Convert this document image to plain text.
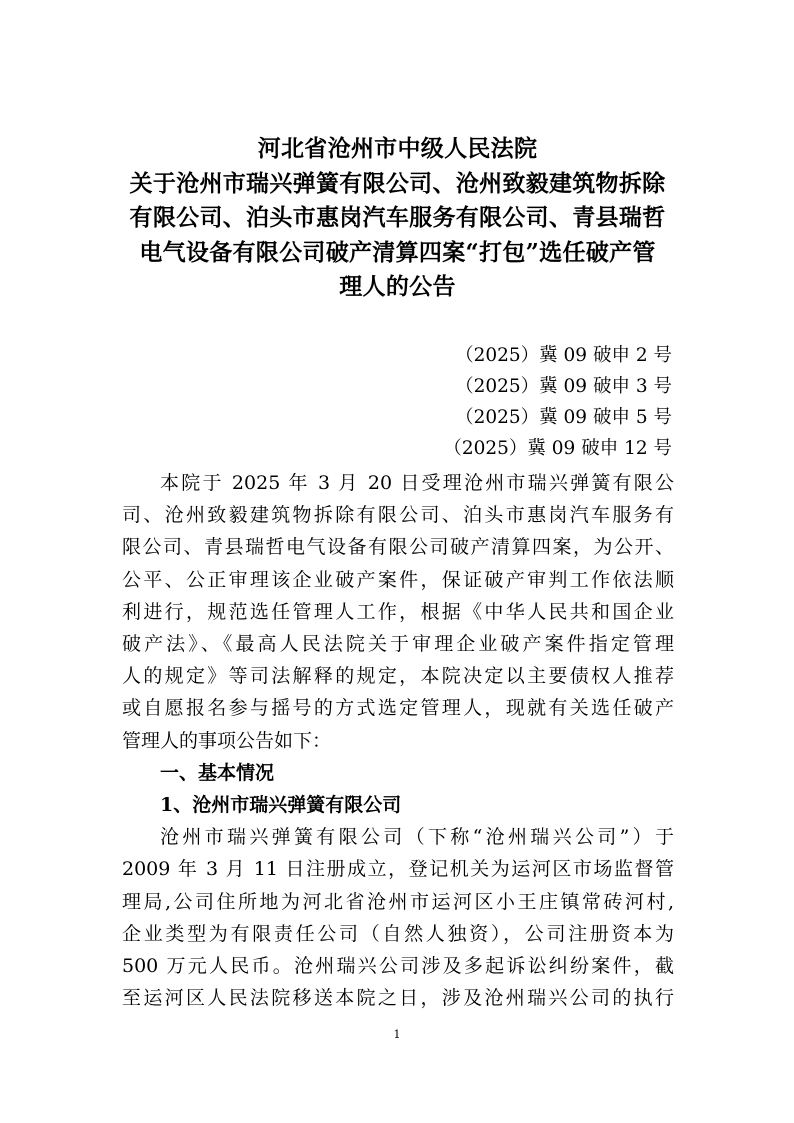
河北省沧州市中级人民法院
关于沧州市瑞兴弹簧有限公司、沧州致毅建筑物拆除
有限公司、泊头市惠岗汽车服务有限公司、青县瑞哲
电气设备有限公司破产清算四案“打包”选任破产管
理人的公告
（2025）冀 09 破申 2 号
（2025）冀 09 破申 3 号
（2025）冀 09 破申 5 号
（2025）冀 09 破申 12 号
本院于 2025 年 3 月 20 日受理沧州市瑞兴弹簧有限公
司、沧州致毅建筑物拆除有限公司、泊头市惠岗汽车服务有
限公司、青县瑞哲电气设备有限公司破产清算四案，为公开、
公平、公正审理该企业破产案件，保证破产审判工作依法顺
利进行，规范选任管理人工作，根据《中华人民共和国企业
破产法》、《最高人民法院关于审理企业破产案件指定管理
人的规定》等司法解释的规定，本院决定以主要债权人推荐
或自愿报名参与摇号的方式选定管理人，现就有关选任破产
管理人的事项公告如下：
一、基本情况
1、沧州市瑞兴弹簧有限公司
沧州市瑞兴弹簧有限公司（下称“沧州瑞兴公司”）于
2009 年 3 月 11 日注册成立，登记机关为运河区市场监督管
理局,公司住所地为河北省沧州市运河区小王庄镇常砖河村,
企业类型为有限责任公司（自然人独资），公司注册资本为
500 万元人民币。沧州瑞兴公司涉及多起诉讼纠纷案件，截
至运河区人民法院移送本院之日，涉及沧州瑞兴公司的执行
1
